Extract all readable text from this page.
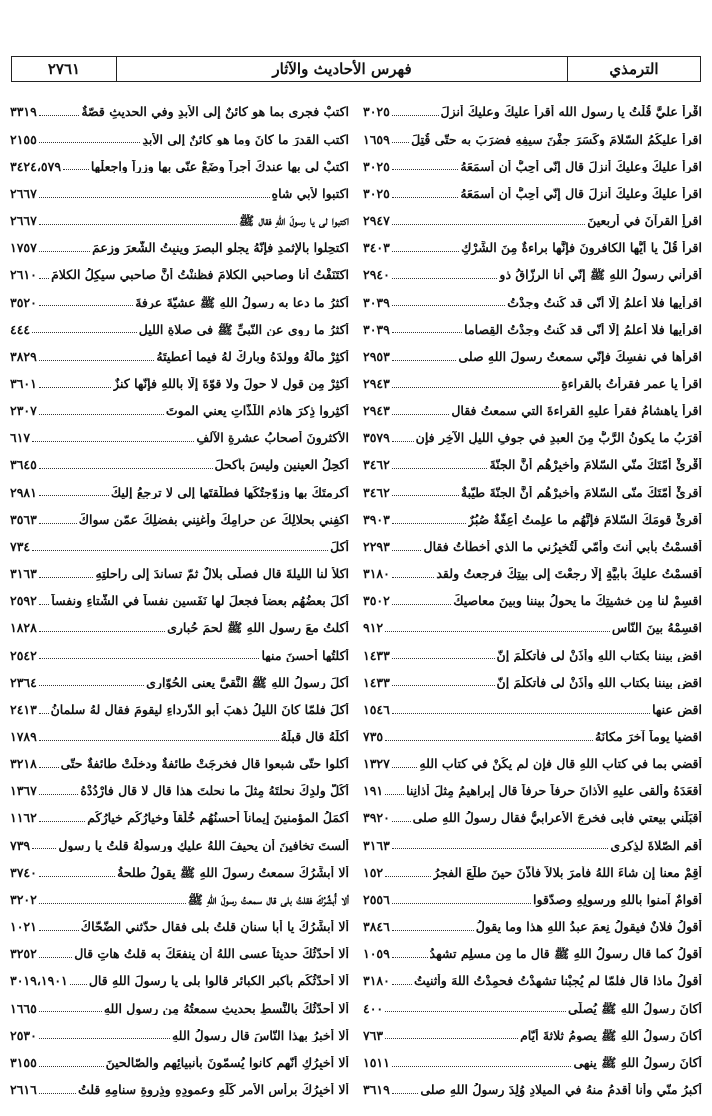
٢٧٦١	فهرس الأحاديث والآثار	الترمذي
٣٣١٩	اكتبْ فجرى بما هو كائنٌ إلى الأبدِ وفي الحديثِ قصّةٌ
٢١٥٥	اكتبِ القدرَ ما كانَ وما هو كائنٌ إلى الأبدِ
٣٤٢٤،٥٧٩ اكتبْ لي بها عندكَ أجراً وضَعْ عنّي بها وِزراً واجعلْها
٢٦٦٧	اكتبوا لأبي شاهٍ
٢٦٦٧	اكتبوا لي يا رسولَ اللهِ فقال ﷺ
١٧٥٧	اكتحِلوا بالإثمدِ فإنّهُ يجلو البصرَ وينبِتُ الشّعرَ وزعمَ
٢٦١٠ اكتَنَفْتُ أنا وصاحبي الكلامَ فظننْتُ أنَّ صاحبي سيكِلُ الكلامَ
٣٥٢٠	أكثرُ ما دعا به رسولُ اللهِ ﷺ عشيّةَ عرفةَ
٤٤٤	أكثرُ ما روي عنِ النّبيِّ ﷺ في صلاةِ الليلِ
٣٨٢٩	أكثِرْ مالَهُ وولدَهُ وبارِكْ لهُ فيما أعطيتَهُ
٣٦٠١	أكثِرْ مِن قولِ لا حولَ ولا قوّةَ إلّا باللهِ فإنّها كنزٌ
٢٣٠٧	أكثِروا ذِكرَ هاذمِ اللّذّاتِ يعني الموتَ
٦١٧	الأكثرونَ أصحابُ عشرةِ الآلفِ
٣٦٤٥	أكحِلُ العينينِ وليسَ بأكحلَ
٢٩٨١	أكرمتَكَ بها وزوّجتُكَها فطلّقتَها إلى لا ترجِعُ إليكَ
٣٥٦٣	اكفِني بحلالِكَ عن حرامِكَ وأغنِني بفضلِكَ عمّن سواكَ
٧٣٤	أكلَ
٣١٦٣	اكلأ لنا الليلةَ قال فصلّى بلالٌ ثمّ تساندَ إلى راحلتِهِ
٢٥٩٢ أكلَ بعضُهُم بعضاً فجعلَ لها نَفَسينِ نفساً في الشّتاءِ ونفساً
١٨٢٨	أكلتُ معَ رسولِ اللهِ ﷺ لحمَ حُبارى
٢٥٤٢	أكلتُها أحسنَ منها
٢٣٦٤	أكلَ رسولُ اللهِ ﷺ النَّقيَّ يعني الحُوّارى
٢٤١٣ أكلَ فلمّا كانَ الليلُ ذهبَ أبو الدّرداءِ ليقومَ فقال لهُ سلمانُ
١٧٨٩	أكلَهُ قال قبلَهُ
٣٢١٨ أكلوا حتّى شبعوا قال فخرجَتْ طائفةٌ ودخلَتْ طائفةٌ حتّى
١٣٦٧	أكُلَّ ولدِكَ نحلتَهُ مِثلَ ما نحلتَ هذا قال لا قال فارْدُدْهُ
١١٦٢	أكمَلُ المؤمنينَ إيماناً أحسنُهُم خُلُقاً وخيارُكُم خيارُكُم
٧٣٩ ألستَ تخافينَ أن يحيفَ اللهُ عليكِ ورسولُهُ قلتُ يا رسول
٣٧٤٠	ألا أُبشِّرُكَ سمعتُ رسولَ اللهِ ﷺ يقولُ طلحةُ
٣٢٠٢	ألا أُبشِّرُكَ فقلتُ بلى قال سمعتُ رسولَ اللهِ ﷺ
١٠٢١	ألا أُبشِّرُكَ يا أبا سنانٍ قلتُ بلى فقال حدّثني الضّحّاكُ
٣٢٥٢	ألا أُحدّثُكَ حديثاً عسى اللهُ أن ينفعَكَ به قلتُ هاتِ قال
٣٠١٩،١٩٠١ ألا أُحدّثُكُم بأكبرِ الكبائرِ قالوا بلى يا رسولَ اللهِ قال
١٦٦٥	ألا أُحدّثُكَ بالنَّسطِ بحديثٍ سمعتُهُ مِن رسولِ اللهِ
٢٥٣٠	ألا أُخبِرُ بهذا النّاسَ قال رسولُ اللهِ
٣١٥٥	ألا أُخبِرُكِ أنّهم كانوا يُسمّونَ بأنبيائِهِم والصّالحينَ
٢٦١٦	ألا أُخبِرُكَ برأسِ الأمرِ كُلِّهِ وعمودِهِ وذِروةِ سنامِهِ قلتُ
٣٠٢٥	اقْرأ عليَّ قُلْتُ يا رسول الله أقرأُ عليكَ وعليكَ أُنزلَ
١٦٥٩ اقرأْ عليكُمُ السّلامَ وكَسَرَ جفْنَ سيفِهِ فضرَبَ به حتّى قُتِلَ
٣٠٢٥	اقرأ عليكَ وعليكَ أُنزلَ قال إنّي أُحِبُّ أن أسمَعَهُ
٣٠٢٥	اقرأ عليكَ وعليكَ أُنزلَ قال إنّي أُحِبُّ أن أسمَعَهُ
٢٩٤٧	اقرأِ القرآنَ في أربعينَ
٣٤٠٣	اقرأْ قُلْ يا أيُّها الكافرونَ فإنَّها براءةٌ مِنَ الشِّرْكِ
٢٩٤٠	أقرأَني رسولُ اللهِ ﷺ إنّي أنا الرزّاقُ ذو
٣٠٣٩	اقرأْيها فلا أعلمُ إلّا أنّي قد كُنتُ وجدْتُ
٣٠٣٩	اقرأْيها فلا أعلمُ إلّا أنّي قد كُنتُ وجدْتُ القِصاما
٢٩٥٣	اقرأْها في نفسِكَ فإنّي سمعتُ رسولَ اللهِ صلى
٢٩٤٣	اقرأ يا عمر فقرأْتُ بالقراءةِ
٢٩٤٣	اقرأ ياهشامُ فقرأَ عليهِ القراءةَ التي سمعتُ فقال
٣٥٧٩ أقرَبُ ما يكونُ الرَّبُّ مِنَ العبدِ في جوفِ الليلِ الآخِرِ فإن
٣٤٦٢	أقْرِئْ أمّتَكَ منّي السّلامَ وأخبِرْهُم أنَّ الجنّةَ
٣٤٦٢	أقرئْ أمّتَكَ منّي السّلامَ وأخبِرْهُم أنَّ الجنّةَ طيّبةٌ
٣٩٠٣	أقرِئْ قومَكَ السّلامَ فإنَّهُم ما علِمتُ أعِفّةٌ صُبُرٌ
٢٢٩٣	أقسمْتُ بأبي أنتَ وأمّي لَتُخبِرُني ما الذي أخطأتُ فقال
٣١٨٠	أقسمْتُ عليكَ بأبيَّةٍ إلّا رجعْتَ إلى بيتِكَ فرجعتُ ولقد
٣٥٠٢	اقسِمْ لنا مِن خشيتِكَ ما يحولُ بيننا وبينَ معاصيكَ
٩١٢	اقسِمْهُ بينَ النّاسِ
١٤٣٣	اقضِ بيننا بكتابِ اللهِ وأذَنْ لي فأتكلّمَ إنّ
١٤٣٣	اقضِ بيننا بكتابِ اللهِ وأذَنْ لي فأتكلّمَ إنّ
١٥٤٦	اقضِ عنها
٧٣٥	اقضيا يوماً آخرَ مكانَهُ
١٣٢٧ أقضي بما في كتابِ اللهِ قال فإن لم يكُنْ في كتابِ اللهِ
١٩١ أقعَدَهُ وألقى عليهِ الأذانَ حرفاً حرفاً قال إبراهيمُ مِثلَ أذانِنا
٣٩٢٠ أقبَلَني بيعتي فأبى فخرجَ الأعرابيُّ فقال رسولُ اللهِ صلى
٣١٦٣	أقمِ الصّلاةَ لذِكري
١٥٢	أقِمْ معنا إن شاءَ اللهُ فأمرَ بلالاً فأذّنَ حينَ طلَعَ الفجرُ
٢٥٥٦	أقوامٌ آمنوا باللهِ ورسولِهِ وصدّقوا
٣٨٤٦	أقولُ فلانٌ فيقولُ نِعمَ عبدُ اللهِ هذا وما يقولُ
١٠٥٩	أقولُ كما قال رسولُ اللهِ ﷺ قال ما مِن مسلِمٍ تشهدُ
٣١٨٠ أقولُ ماذا قال فلمّا لم يُجبْنا تشهدْتُ فحمِدْتُ اللهَ وأثنيتُ
٤٠٠	أكانَ رسولُ اللهِ ﷺ يُصلّي
٧٦٣	أكانَ رسولُ اللهِ ﷺ يصومُ ثلاثةَ أيّامٍ
١٥١١	أكانَ رسولُ اللهِ ﷺ ينهى
٣٦١٩ أكبرُ منّي وأنا أقدمُ منهُ في الميلادِ وُلِدَ رسولُ اللهِ صلى
